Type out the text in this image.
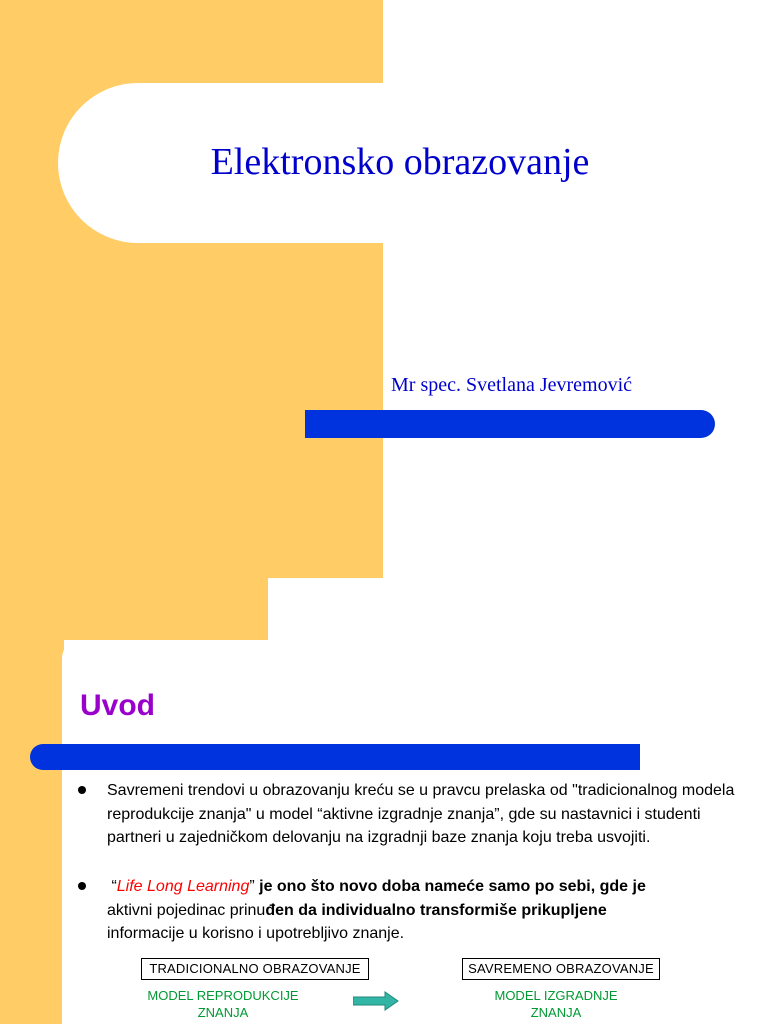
Elektronsko obrazovanje
Mr spec. Svetlana Jevremović
Uvod
Savremeni trendovi u obrazovanju kreću se u pravcu prelaska od "tradicionalnog modela reprodukcije znanja" u model “aktivne izgradnje znanja”, gde su nastavnici i studenti partneri u zajedničkom delovanju na izgradnji baze znanja koju treba usvojiti.
“Life Long Learning” je ono što novo doba nameće samo po sebi, gde je
aktivni pojedinac prinuđen da individualno transformiše prikupljene
informacije u korisno i upotrebljivo znanje.
TRADICIONALNO OBRAZOVANJE	SAVREMENO OBRAZOVANJE
MODEL REPRODUKCIJE ZNANJA
MODEL IZGRADNJE ZNANJA
